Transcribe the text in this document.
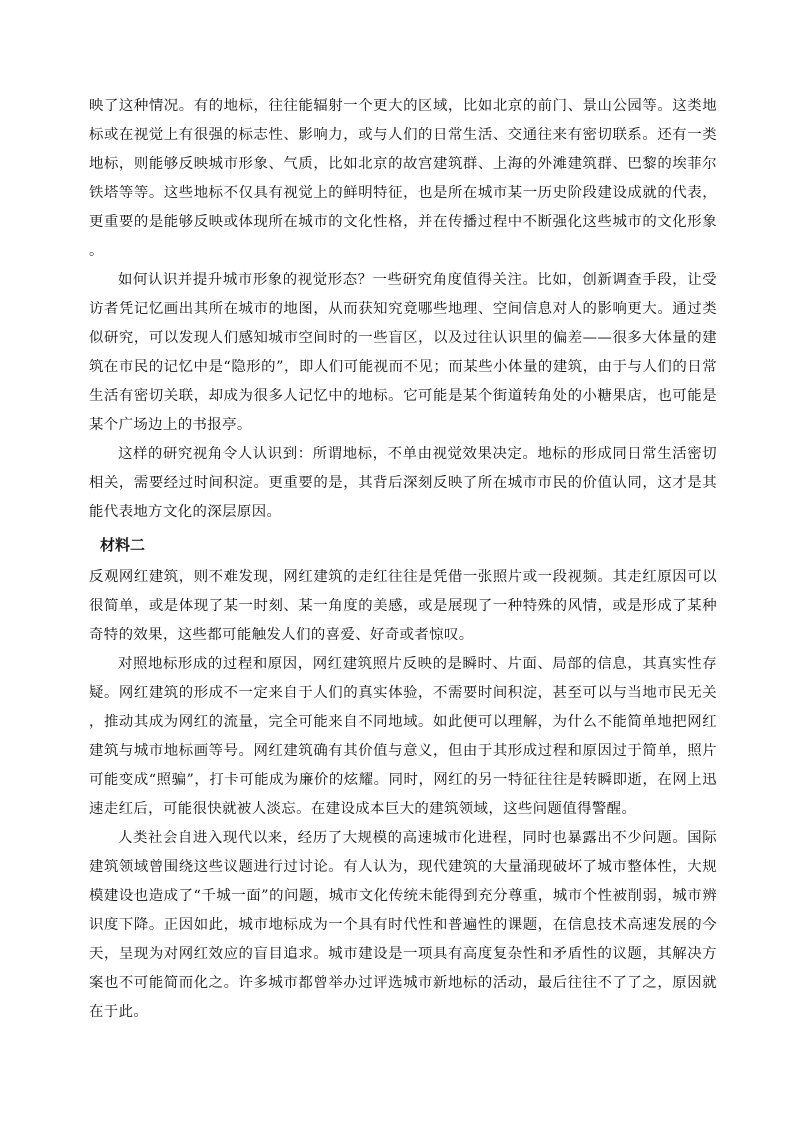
映了这种情况。有的地标，往往能辐射一个更大的区域，比如北京的前门、景山公园等。这类地标或在视觉上有很强的标志性、影响力，或与人们的日常生活、交通往来有密切联系。还有一类地标，则能够反映城市形象、气质，比如北京的故宫建筑群、上海的外滩建筑群、巴黎的埃菲尔铁塔等等。这些地标不仅具有视觉上的鲜明特征，也是所在城市某一历史阶段建设成就的代表，更重要的是能够反映或体现所在城市的文化性格，并在传播过程中不断强化这些城市的文化形象。

如何认识并提升城市形象的视觉形态？一些研究角度值得关注。比如，创新调查手段，让受访者凭记忆画出其所在城市的地图，从而获知究竟哪些地理、空间信息对人的影响更大。通过类似研究，可以发现人们感知城市空间时的一些盲区，以及过往认识里的偏差——很多大体量的建筑在市民的记忆中是“隐形的”，即人们可能视而不见；而某些小体量的建筑，由于与人们的日常生活有密切关联，却成为很多人记忆中的地标。它可能是某个街道转角处的小糖果店，也可能是某个广场边上的书报亭。

这样的研究视角令人认识到：所谓地标，不单由视觉效果决定。地标的形成同日常生活密切相关，需要经过时间积淀。更重要的是，其背后深刻反映了所在城市市民的价值认同，这才是其能代表地方文化的深层原因。

材料二

反观网红建筑，则不难发现，网红建筑的走红往往是凭借一张照片或一段视频。其走红原因可以很简单，或是体现了某一时刻、某一角度的美感，或是展现了一种特殊的风情，或是形成了某种奇特的效果，这些都可能触发人们的喜爱、好奇或者惊叹。

对照地标形成的过程和原因，网红建筑照片反映的是瞬时、片面、局部的信息，其真实性存疑。网红建筑的形成不一定来自于人们的真实体验，不需要时间积淀，甚至可以与当地市民无关，推动其成为网红的流量，完全可能来自不同地域。如此便可以理解，为什么不能简单地把网红建筑与城市地标画等号。网红建筑确有其价值与意义，但由于其形成过程和原因过于简单，照片可能变成“照骗”，打卡可能成为廉价的炫耀。同时，网红的另一特征往往是转瞬即逝，在网上迅速走红后，可能很快就被人淡忘。在建设成本巨大的建筑领域，这些问题值得警醒。

人类社会自进入现代以来，经历了大规模的高速城市化进程，同时也暴露出不少问题。国际建筑领域曾围绕这些议题进行过讨论。有人认为，现代建筑的大量涌现破坏了城市整体性，大规模建设也造成了“千城一面”的问题，城市文化传统未能得到充分尊重，城市个性被削弱，城市辨识度下降。正因如此，城市地标成为一个具有时代性和普遍性的课题，在信息技术高速发展的今天，呈现为对网红效应的盲目追求。城市建设是一项具有高度复杂性和矛盾性的议题，其解决方案也不可能简而化之。许多城市都曾举办过评选城市新地标的活动，最后往往不了了之，原因就在于此。
